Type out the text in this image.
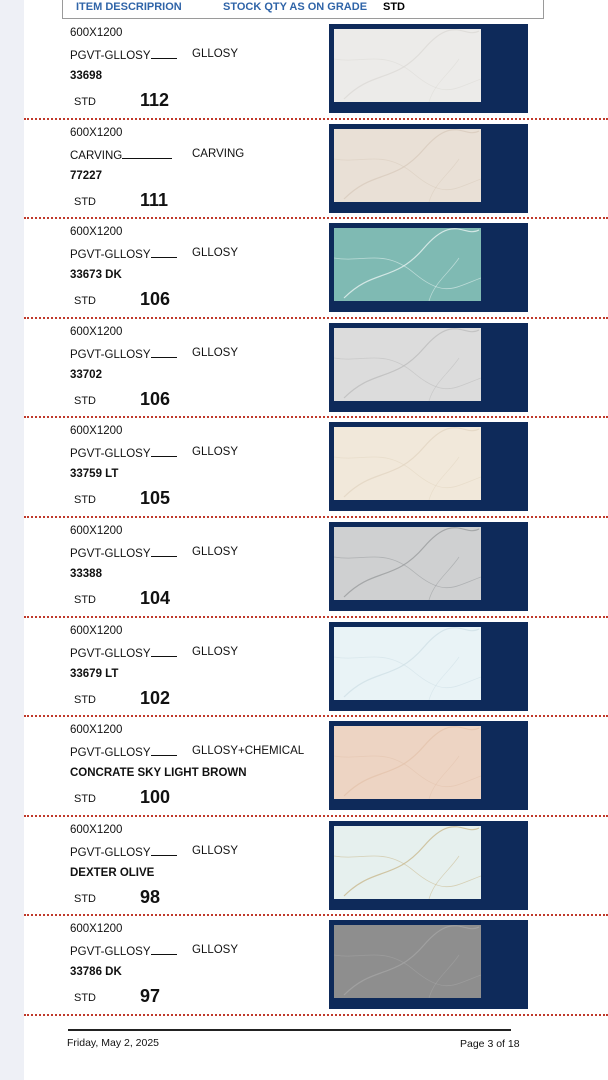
ITEM DESCRIPRION	STOCK QTY AS ON GRADE STD
600X1200
PGVT-GLLOSY	GLLOSY
33698
STD 112
600X1200
CARVING	CARVING
77227
STD 111
600X1200
PGVT-GLLOSY	GLLOSY
33673 DK
STD 106
600X1200
PGVT-GLLOSY	GLLOSY
33702
STD 106
600X1200
PGVT-GLLOSY	GLLOSY
33759 LT
STD 105
600X1200
PGVT-GLLOSY	GLLOSY
33388
STD 104
600X1200
PGVT-GLLOSY	GLLOSY
33679 LT
STD 102
600X1200
PGVT-GLLOSY	GLLOSY+CHEMICAL
CONCRATE SKY LIGHT BROWN
STD 100
600X1200
PGVT-GLLOSY	GLLOSY
DEXTER OLIVE
STD 98
600X1200
PGVT-GLLOSY	GLLOSY
33786 DK
STD 97
Friday, May 2, 2025	Page 3 of 18
